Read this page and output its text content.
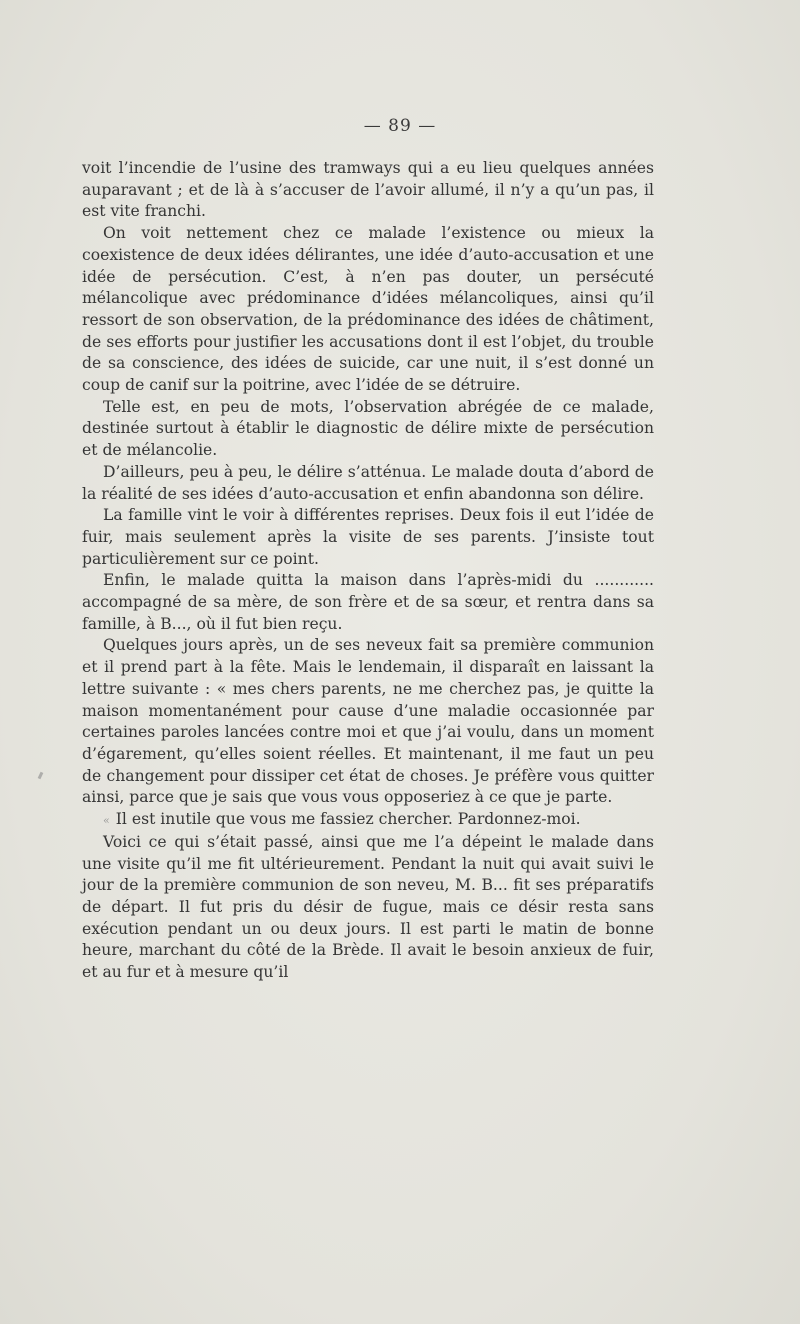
— 89 —

voit l’incendie de l’usine des tramways qui a eu lieu quelques années auparavant ; et de là à s’accuser de l’avoir allumé, il n’y a qu’un pas, il est vite franchi.

On voit nettement chez ce malade l’existence ou mieux la coexistence de deux idées délirantes, une idée d’auto-accusation et une idée de persécution. C’est, à n’en pas douter, un persécuté mélancolique avec prédominance d’idées mélancoliques, ainsi qu’il ressort de son observation, de la prédominance des idées de châtiment, de ses efforts pour justifier les accusations dont il est l’objet, du trouble de sa conscience, des idées de suicide, car une nuit, il s’est donné un coup de canif sur la poitrine, avec l’idée de se détruire.

Telle est, en peu de mots, l’observation abrégée de ce malade, destinée surtout à établir le diagnostic de délire mixte de persécution et de mélancolie.

D’ailleurs, peu à peu, le délire s’atténua. Le malade douta d’abord de la réalité de ses idées d’auto-accusation et enfin abandonna son délire.

La famille vint le voir à différentes reprises. Deux fois il eut l’idée de fuir, mais seulement après la visite de ses parents. J’insiste tout particulièrement sur ce point.

Enfin, le malade quitta la maison dans l’après-midi du ............ accompagné de sa mère, de son frère et de sa sœur, et rentra dans sa famille, à B..., où il fut bien reçu.

Quelques jours après, un de ses neveux fait sa première communion et il prend part à la fête. Mais le lendemain, il disparaît en laissant la lettre suivante : « mes chers parents, ne me cherchez pas, je quitte la maison momentanément pour cause d’une maladie occasionnée par certaines paroles lancées contre moi et que j’ai voulu, dans un moment d’égarement, qu’elles soient réelles. Et maintenant, il me faut un peu de changement pour dissiper cet état de choses. Je préfère vous quitter ainsi, parce que je sais que vous vous opposeriez à ce que je parte.

« Il est inutile que vous me fassiez chercher. Pardonnez-moi.

Voici ce qui s’était passé, ainsi que me l’a dépeint le malade dans une visite qu’il me fit ultérieurement. Pendant la nuit qui avait suivi le jour de la première communion de son neveu, M. B... fit ses préparatifs de départ. Il fut pris du désir de fugue, mais ce désir resta sans exécution pendant un ou deux jours. Il est parti le matin de bonne heure, marchant du côté de la Brède. Il avait le besoin anxieux de fuir, et au fur et à mesure qu’il
